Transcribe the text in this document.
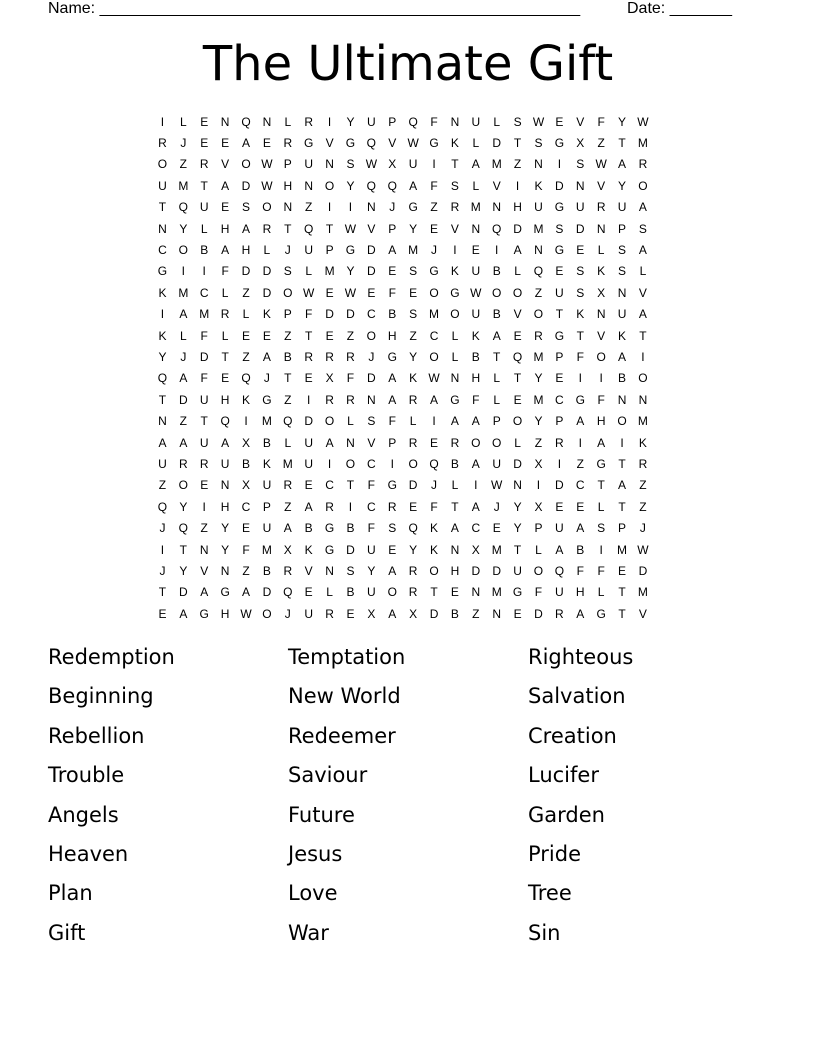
Name: ______________________________________________________	Date: _______
The Ultimate Gift
I	L	E	N Q N	L	R	I	Y	U	P	Q	F	N	U	L	S W E	V	F	Y W
R	J	E	E	A	E	R G	V	G Q	V W G	K	L	D	T	S	G	X	Z	T	M
O	Z	R	V	O W P	U	N	S W X	U	I	T	A M	Z	N	I	S W A	R
U M	T	A	D W H	N O	Y	Q Q	A	F	S	L	V	I	K	D	N	V	Y	O
T	Q U	E	S	O N	Z	I	I	N	J	G	Z	R M N	H	U G U	R	U	A
N	Y	L	H	A	R	T	Q	T W V	P	Y	E	V	N Q D M S	D	N	P	S
C O	B	A	H	L	J	U	P	G D	A M	J	I	E	I	A	N G	E	L	S	A
G	I	I	F	D	D	S	L	M Y	D	E	S	G	K	U	B	L	Q	E	S	K	S	L
K M C	L	Z	D O W E W E	F	E	O G W O O	Z	U	S	X	N	V
I	A M R	L	K	P	F	D	D	C	B	S M O U	B	V	O	T	K	N	U	A
K	L	F	L	E	E	Z	T	E	Z	O H	Z	C	L	K	A	E	R G	T	V	K	T
Y	J	D	T	Z	A	B	R	R	R	J	G	Y	O	L	B	T	Q M P	F	O	A	I
Q	A	F	E	Q	J	T	E	X	F	D	A	K W N	H	L	T	Y	E	I	I	B	O
T	D	U	H	K	G	Z	I	R	R	N	A	R	A	G	F	L	E M C G	F	N	N
N	Z	T	Q	I	M Q D O	L	S	F	L	I	A	A	P	O	Y	P	A	H O M
A	A	U	A	X	B	L	U	A	N	V	P	R	E	R O O	L	Z	R	I	A	I	K
U	R	R	U	B	K M U	I	O C	I	O Q	B	A	U	D	X	I	Z	G	T	R
Z	O	E	N	X	U	R	E	C	T	F	G D	J	L	I	W N	I	D	C	T	A	Z
Q	Y	I	H	C	P	Z	A	R	I	C	R	E	F	T	A	J	Y	X	E	E	L	T	Z
J	Q	Z	Y	E	U	A	B	G	B	F	S	Q	K	A	C	E	Y	P	U	A	S	P	J
I	T	N	Y	F	M X	K	G D	U	E	Y	K	N	X M	T	L	A	B	I	M W
J	Y	V	N	Z	B	R	V	N	S	Y	A	R O H	D	D	U O Q	F	F	E	D
T	D	A	G	A	D Q	E	L	B	U O R	T	E	N M G	F	U	H	L	T	M
E	A	G H W O	J	U	R	E	X	A	X	D	B	Z	N	E	D	R	A	G	T	V
Redemption	Temptation	Righteous
Beginning	New World	Salvation
Rebellion	Redeemer	Creation
Trouble	Saviour	Lucifer
Angels	Future	Garden
Heaven	Jesus	Pride
Plan	Love	Tree
Gift	War	Sin
